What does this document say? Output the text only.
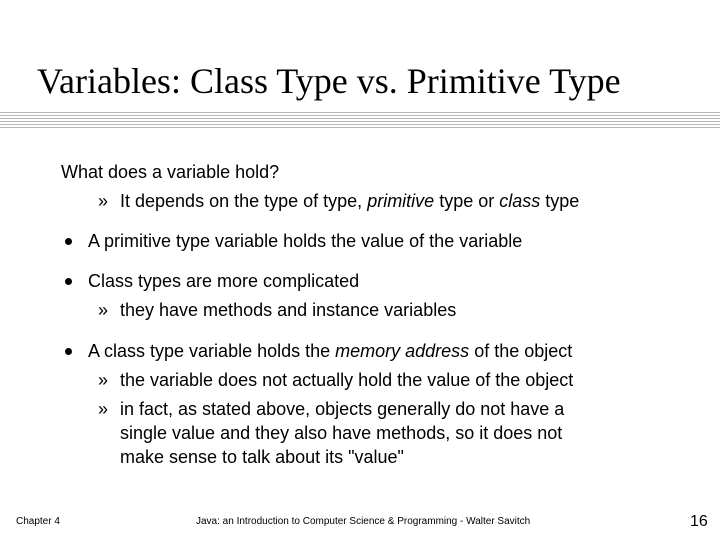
Variables: Class Type vs. Primitive Type
What does a variable hold?
» It depends on the type of type, primitive type or class type
A primitive type variable holds the value of the variable
Class types are more complicated
» they have methods and instance variables
A class type variable holds the memory address of the object
» the variable does not actually hold the value of the object
» in fact, as stated above, objects generally do not have a
single value and they also have methods, so it does not
make sense to talk about its "value"
Chapter 4	Java: an Introduction to Computer Science & Programming - Walter Savitch	16
